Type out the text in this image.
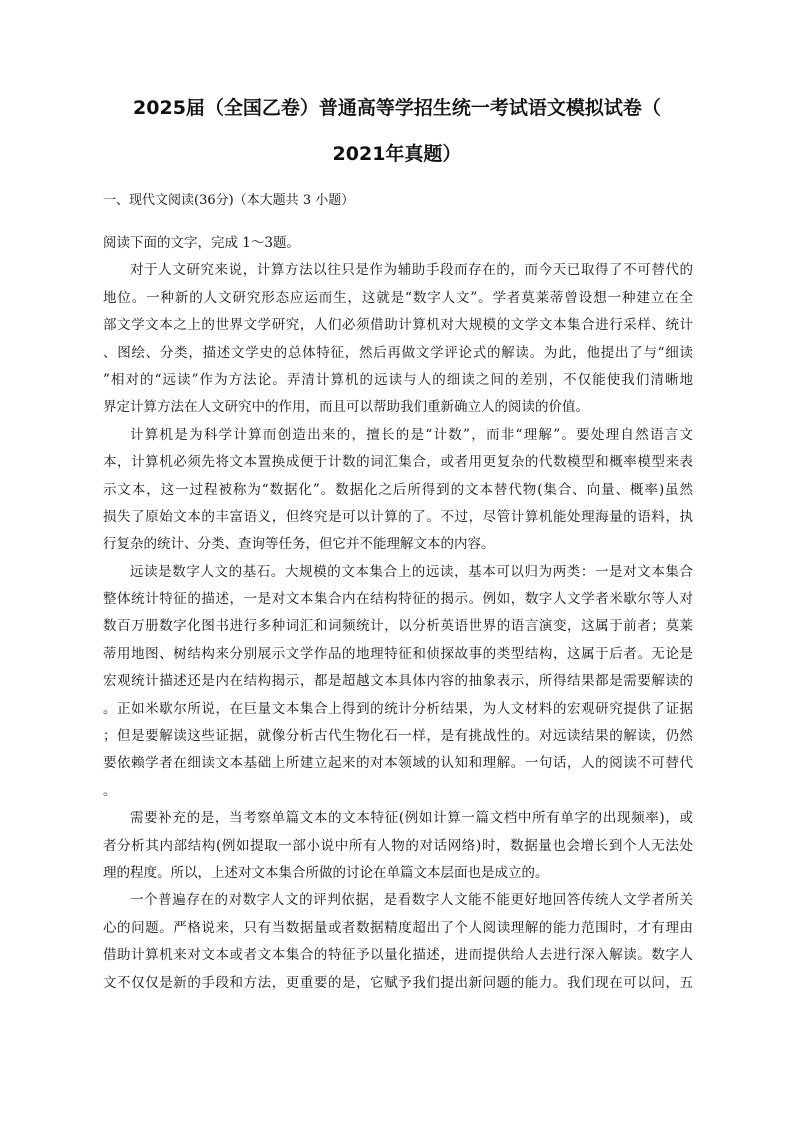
2025届（全国乙卷）普通高等学招生统一考试语文模拟试卷（
2021年真题）
一、现代文阅读(36分)（本大题共 3 小题）
阅读下面的文字，完成 1～3题。
对于人文研究来说，计算方法以往只是作为辅助手段而存在的，而今天已取得了不可替代的
地位。一种新的人文研究形态应运而生，这就是“数字人文”。学者莫莱蒂曾设想一种建立在全
部文学文本之上的世界文学研究，人们必须借助计算机对大规模的文学文本集合进行采样、统计
、图绘、分类，描述文学史的总体特征，然后再做文学评论式的解读。为此，他提出了与“细读
”相对的“远读”作为方法论。弄清计算机的远读与人的细读之间的差别，不仅能使我们清晰地
界定计算方法在人文研究中的作用，而且可以帮助我们重新确立人的阅读的价值。
计算机是为科学计算而创造出来的，擅长的是“计数”，而非“理解”。要处理自然语言文
本，计算机必须先将文本置换成便于计数的词汇集合，或者用更复杂的代数模型和概率模型来表
示文本，这一过程被称为“数据化”。数据化之后所得到的文本替代物(集合、向量、概率)虽然
损失了原始文本的丰富语义，但终究是可以计算的了。不过，尽管计算机能处理海量的语料，执
行复杂的统计、分类、查询等任务，但它并不能理解文本的内容。
远读是数字人文的基石。大规模的文本集合上的远读，基本可以归为两类：一是对文本集合
整体统计特征的描述，一是对文本集合内在结构特征的揭示。例如，数字人文学者米歇尔等人对
数百万册数字化图书进行多种词汇和词频统计，以分析英语世界的语言演变，这属于前者；莫莱
蒂用地图、树结构来分别展示文学作品的地理特征和侦探故事的类型结构，这属于后者。无论是
宏观统计描述还是内在结构揭示，都是超越文本具体内容的抽象表示，所得结果都是需要解读的
。正如米歇尔所说，在巨量文本集合上得到的统计分析结果，为人文材料的宏观研究提供了证据
；但是要解读这些证据，就像分析古代生物化石一样，是有挑战性的。对远读结果的解读，仍然
要依赖学者在细读文本基础上所建立起来的对本领域的认知和理解。一句话，人的阅读不可替代
。
需要补充的是，当考察单篇文本的文本特征(例如计算一篇文档中所有单字的出现频率)，或
者分析其内部结构(例如提取一部小说中所有人物的对话网络)时，数据量也会增长到个人无法处
理的程度。所以，上述对文本集合所做的讨论在单篇文本层面也是成立的。
一个普遍存在的对数字人文的评判依据，是看数字人文能不能更好地回答传统人文学者所关
心的问题。严格说来，只有当数据量或者数据精度超出了个人阅读理解的能力范围时，才有理由
借助计算机来对文本或者文本集合的特征予以量化描述，进而提供给人去进行深入解读。数字人
文不仅仅是新的手段和方法，更重要的是，它赋予我们提出新问题的能力。我们现在可以问，五
